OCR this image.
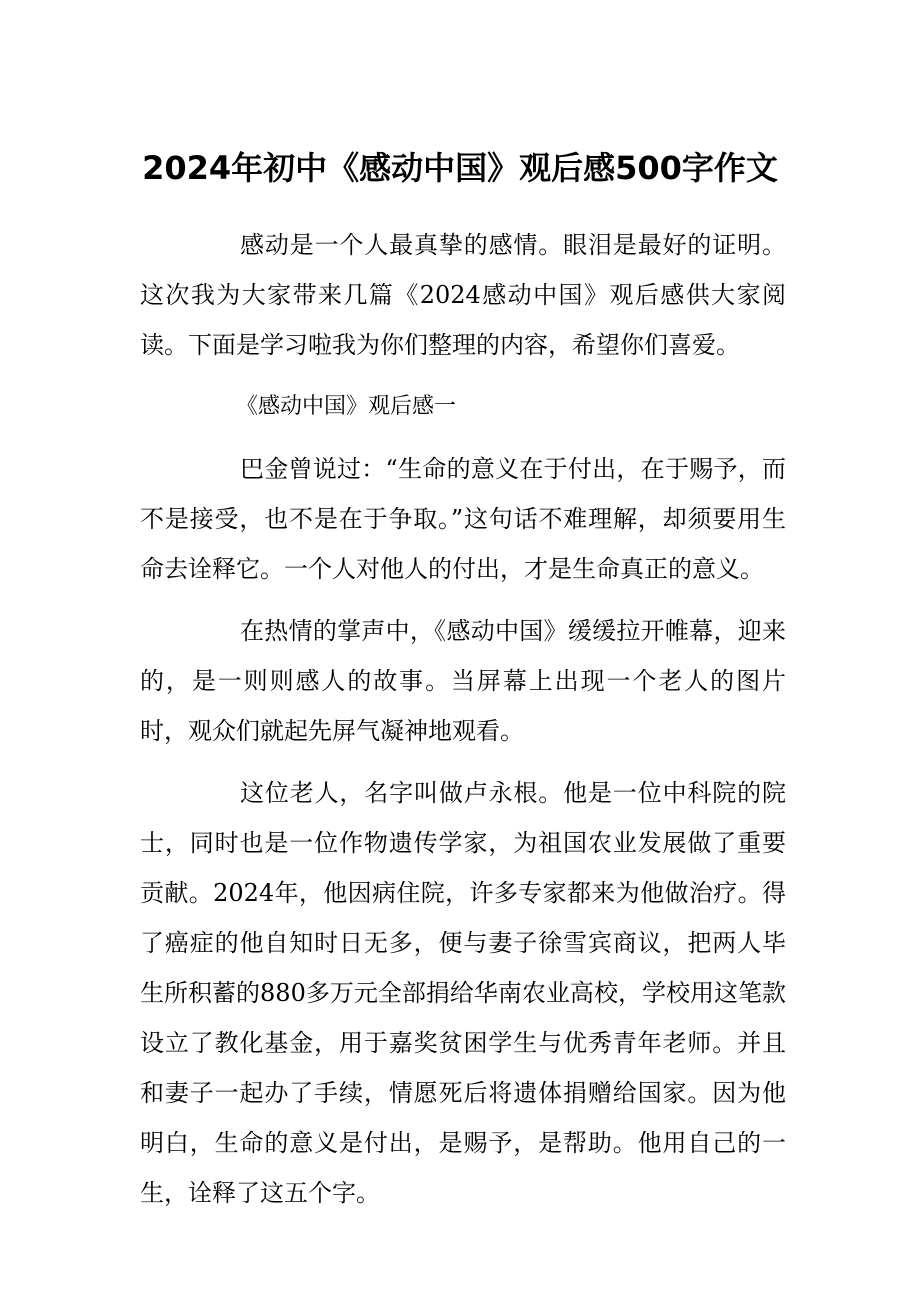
2024年初中《感动中国》观后感500字作文

感动是一个人最真挚的感情。眼泪是最好的证明。这次我为大家带来几篇《2024感动中国》观后感供大家阅读。下面是学习啦我为你们整理的内容，希望你们喜爱。

《感动中国》观后感一

巴金曾说过：“生命的意义在于付出，在于赐予，而不是接受，也不是在于争取。”这句话不难理解，却须要用生命去诠释它。一个人对他人的付出，才是生命真正的意义。

在热情的掌声中，《感动中国》缓缓拉开帷幕，迎来的，是一则则感人的故事。当屏幕上出现一个老人的图片时，观众们就起先屏气凝神地观看。

这位老人，名字叫做卢永根。他是一位中科院的院士，同时也是一位作物遗传学家，为祖国农业发展做了重要贡献。2024年，他因病住院，许多专家都来为他做治疗。得了癌症的他自知时日无多，便与妻子徐雪宾商议，把两人毕生所积蓄的880多万元全部捐给华南农业高校，学校用这笔款设立了教化基金，用于嘉奖贫困学生与优秀青年老师。并且和妻子一起办了手续，情愿死后将遗体捐赠给国家。因为他明白，生命的意义是付出，是赐予，是帮助。他用自己的一生，诠释了这五个字。
